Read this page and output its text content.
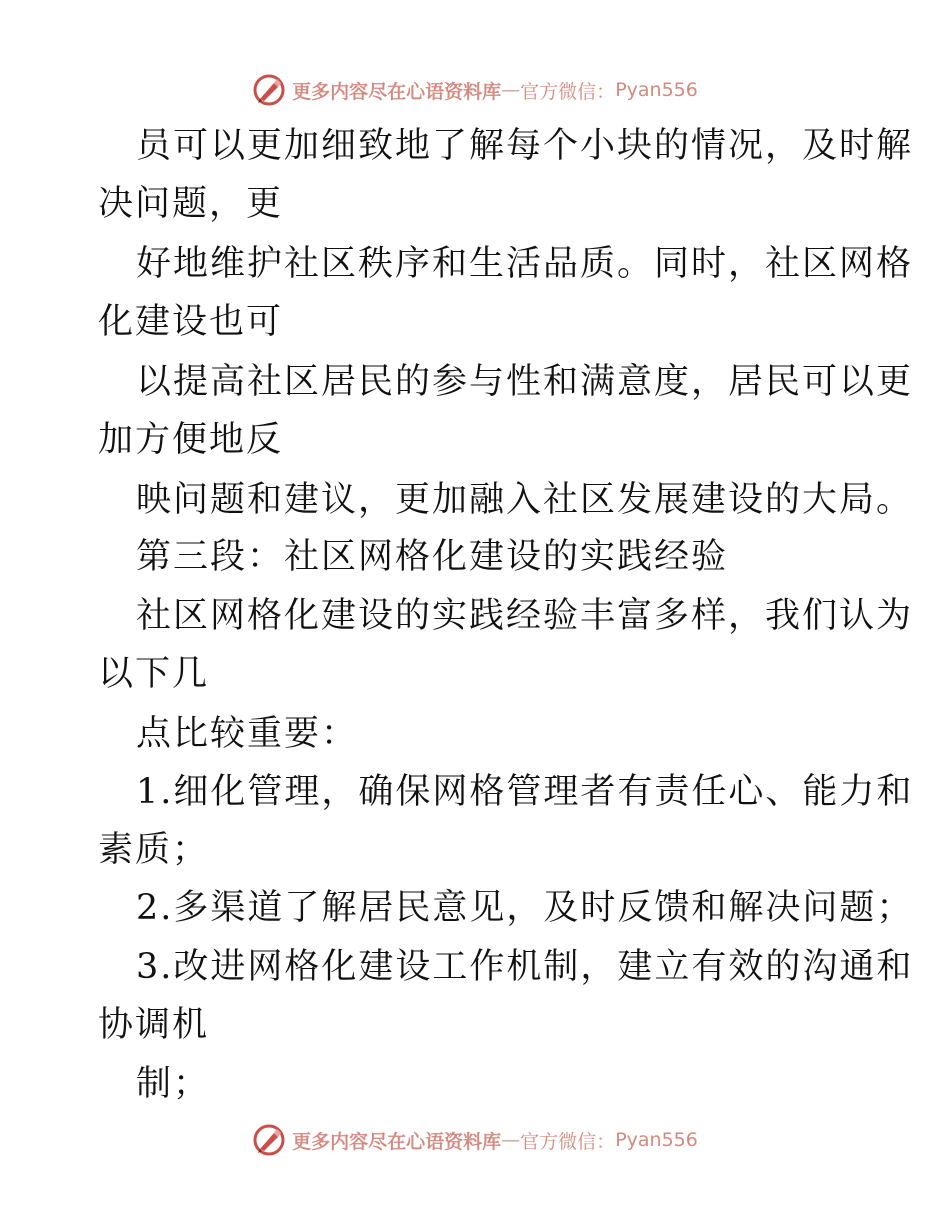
更多内容尽在心语资料库 — 官方微信： Pyan556
员可以更加细致地了解每个小块的情况，及时解
决问题，更
好地维护社区秩序和生活品质。同时，社区网格
化建设也可
以提高社区居民的参与性和满意度，居民可以更
加方便地反
映问题和建议，更加融入社区发展建设的大局。
第三段：社区网格化建设的实践经验
社区网格化建设的实践经验丰富多样，我们认为
以下几
点比较重要：
1.细化管理，确保网格管理者有责任心、能力和
素质；
2.多渠道了解居民意见，及时反馈和解决问题；
3.改进网格化建设工作机制，建立有效的沟通和
协调机
制；
更多内容尽在心语资料库 — 官方微信： Pyan556
